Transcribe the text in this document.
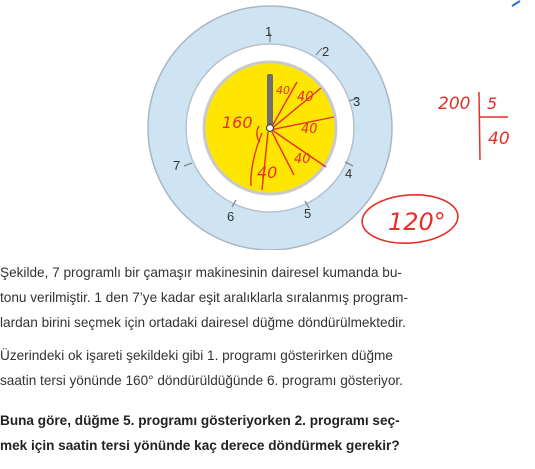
1
2
3
4
5
6
7
40 40
40
40
40
160
200 5
40
120°
Şekilde, 7 programlı bir çamaşır makinesinin dairesel kumanda bu-
tonu verilmiştir. 1 den 7’ye kadar eşit aralıklarla sıralanmış program-
lardan birini seçmek için ortadaki dairesel düğme döndürülmektedir.
Üzerindeki ok işareti şekildeki gibi 1. programı gösterirken düğme
saatin tersi yönünde 160° döndürüldüğünde 6. programı gösteriyor.
Buna göre, düğme 5. programı gösteriyorken 2. programı seç-
mek için saatin tersi yönünde kaç derece döndürmek gerekir?
